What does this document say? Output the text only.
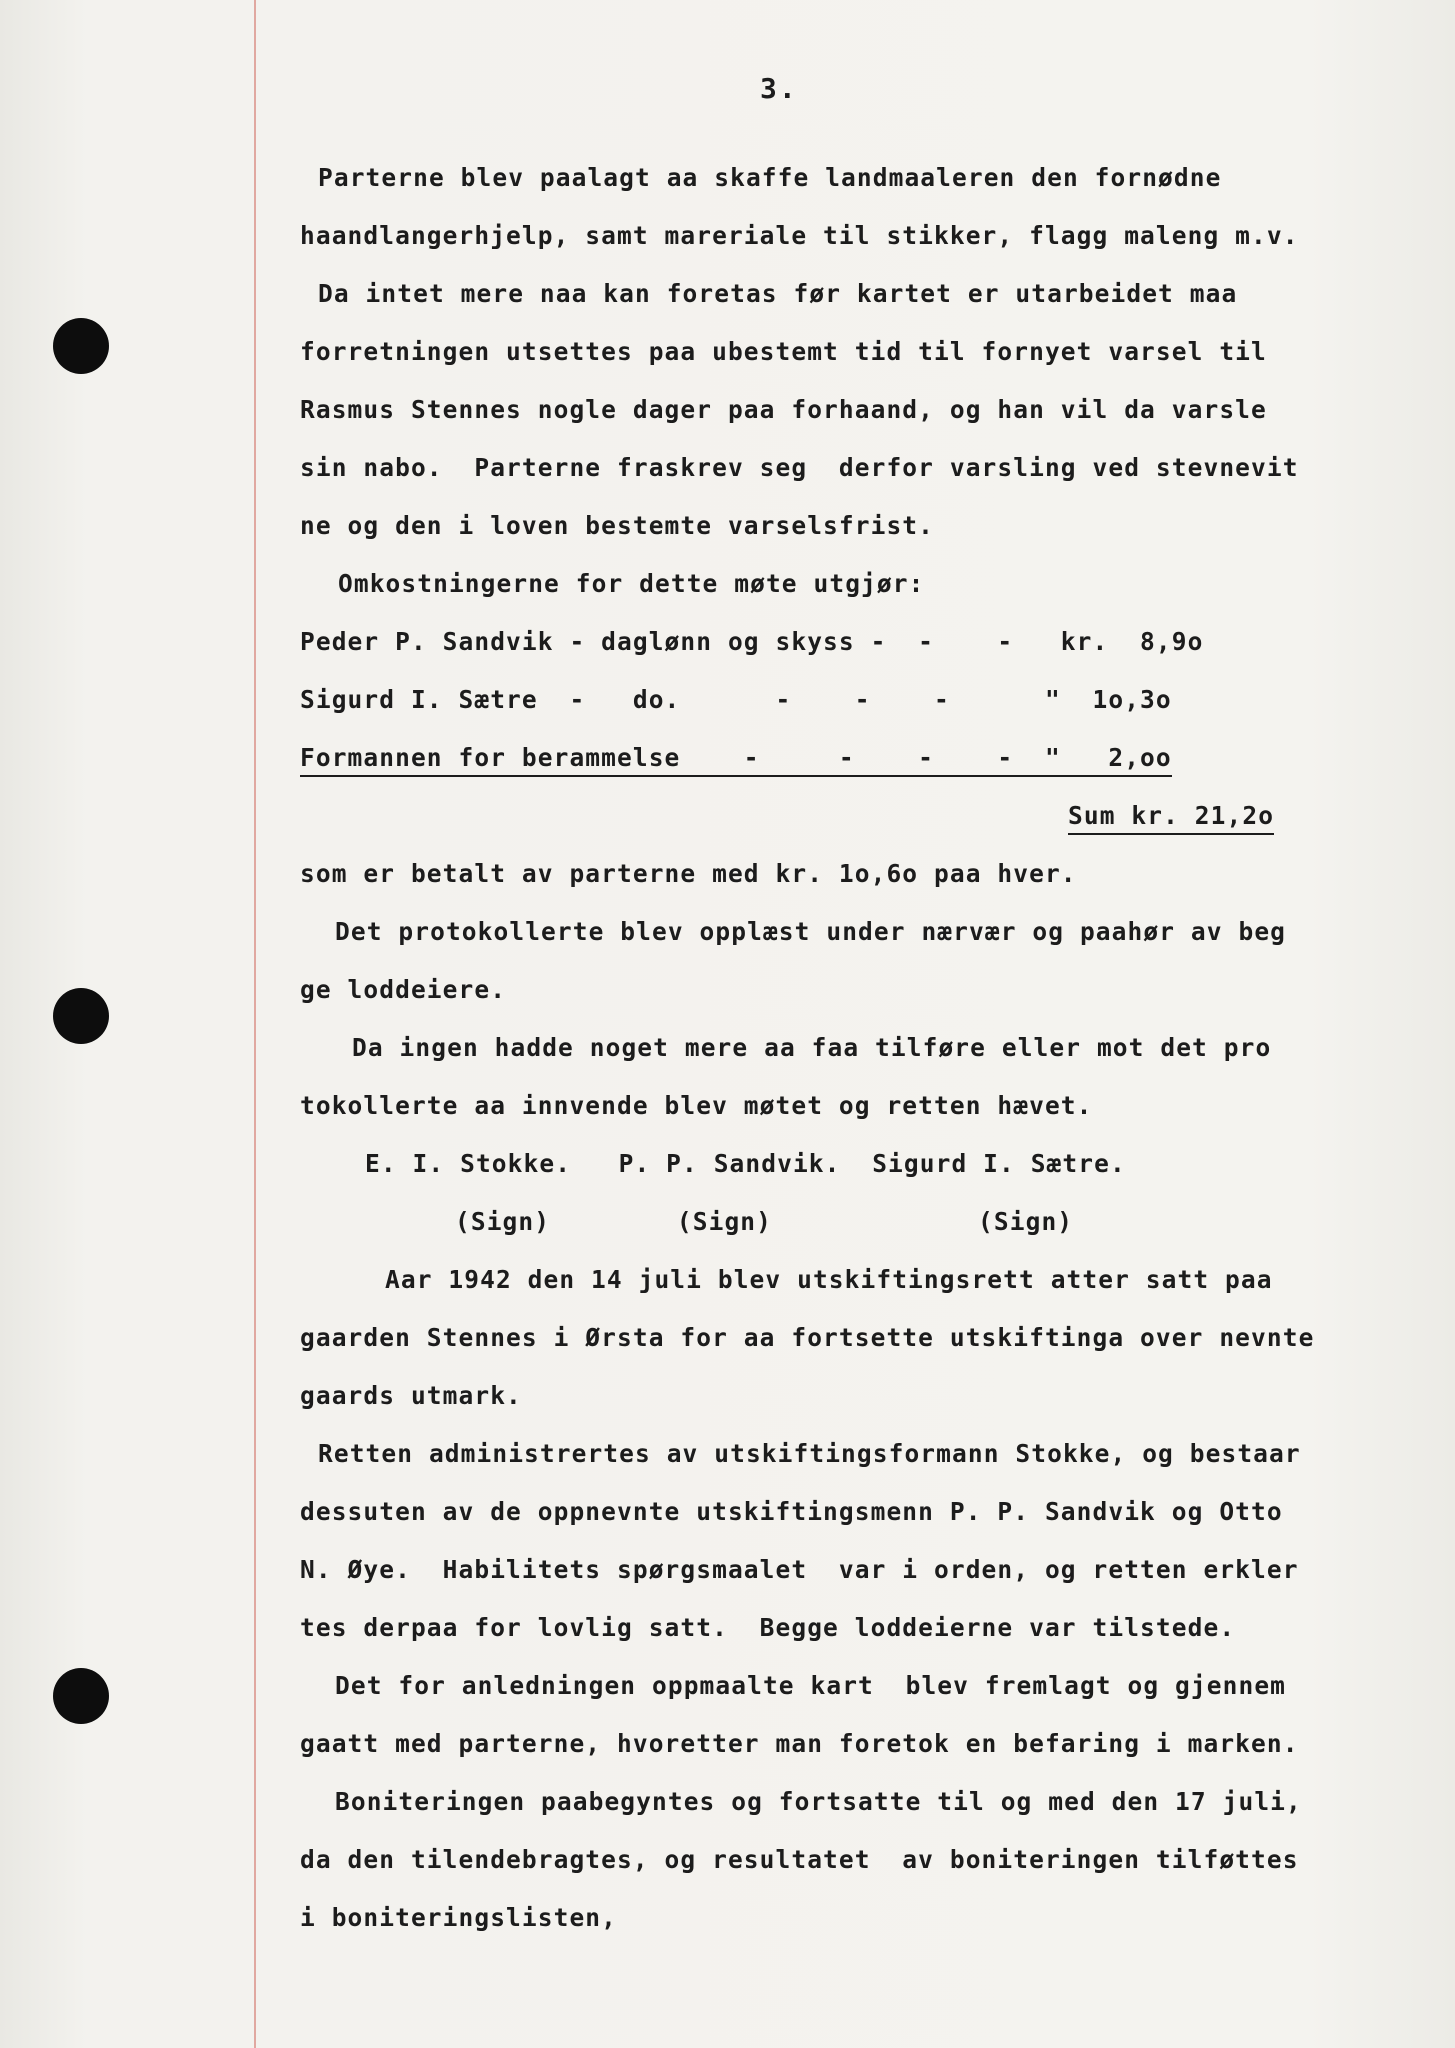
3.
Parterne blev paalagt aa skaffe landmaaleren den fornødne
haandlangerhjelp, samt mareriale til stikker, flagg maleng m.v.
Da intet mere naa kan foretas før kartet er utarbeidet maa
forretningen utsettes paa ubestemt tid til fornyet varsel til
Rasmus Stennes nogle dager paa forhaand, og han vil da varsle
sin nabo.  Parterne fraskrev seg  derfor varsling ved stevnevit
ne og den i loven bestemte varselsfrist.
Omkostningerne for dette møte utgjør:
Peder P. Sandvik - daglønn og skyss -  -    -   kr.  8,9o
Sigurd I. Sætre  -   do.      -    -    -      "  1o,3o
Formannen for berammelse    -     -    -    -  "   2,oo
Sum kr. 21,2o
som er betalt av parterne med kr. 1o,6o paa hver.
Det protokollerte blev opplæst under nærvær og paahør av beg
ge loddeiere.
Da ingen hadde noget mere aa faa tilføre eller mot det pro
tokollerte aa innvende blev møtet og retten hævet.
E. I. Stokke.   P. P. Sandvik.  Sigurd I. Sætre.
(Sign)        (Sign)             (Sign)
Aar 1942 den 14 juli blev utskiftingsrett atter satt paa
gaarden Stennes i Ørsta for aa fortsette utskiftinga over nevnte
gaards utmark.
Retten administrertes av utskiftingsformann Stokke, og bestaar
dessuten av de oppnevnte utskiftingsmenn P. P. Sandvik og Otto
N. Øye.  Habilitets spørgsmaalet  var i orden, og retten erkler
tes derpaa for lovlig satt.  Begge loddeierne var tilstede.
Det for anledningen oppmaalte kart  blev fremlagt og gjennem
gaatt med parterne, hvoretter man foretok en befaring i marken.
Boniteringen paabegyntes og fortsatte til og med den 17 juli,
da den tilendebragtes, og resultatet  av boniteringen tilføttes
i boniteringslisten,
